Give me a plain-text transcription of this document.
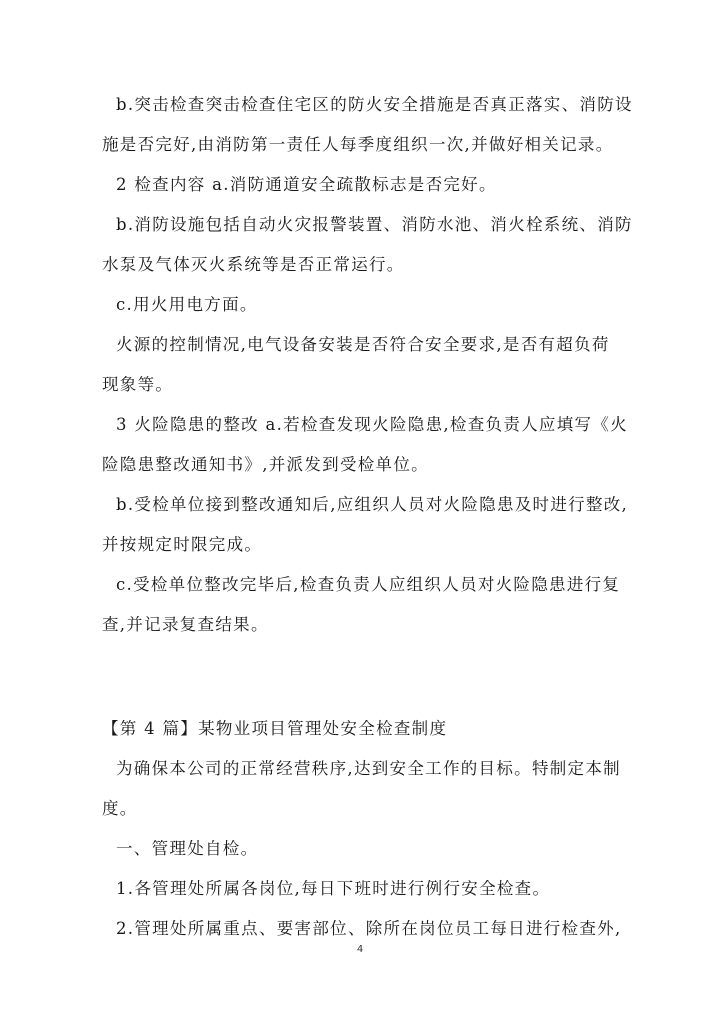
b.突击检查突击检查住宅区的防火安全措施是否真正落实、消防设
施是否完好,由消防第一责任人每季度组织一次,并做好相关记录。
2 检查内容 a.消防通道安全疏散标志是否完好。
b.消防设施包括自动火灾报警装置、消防水池、消火栓系统、消防
水泵及气体灭火系统等是否正常运行。
c.用火用电方面。
火源的控制情况,电气设备安装是否符合安全要求,是否有超负荷
现象等。
3 火险隐患的整改 a.若检查发现火险隐患,检查负责人应填写《火
险隐患整改通知书》,并派发到受检单位。
b.受检单位接到整改通知后,应组织人员对火险隐患及时进行整改,
并按规定时限完成。
c.受检单位整改完毕后,检查负责人应组织人员对火险隐患进行复
查,并记录复查结果。
【第 4 篇】某物业项目管理处安全检查制度
为确保本公司的正常经营秩序,达到安全工作的目标。特制定本制
度。
一、管理处自检。
1.各管理处所属各岗位,每日下班时进行例行安全检查。
2.管理处所属重点、要害部位、除所在岗位员工每日进行检查外,
4
